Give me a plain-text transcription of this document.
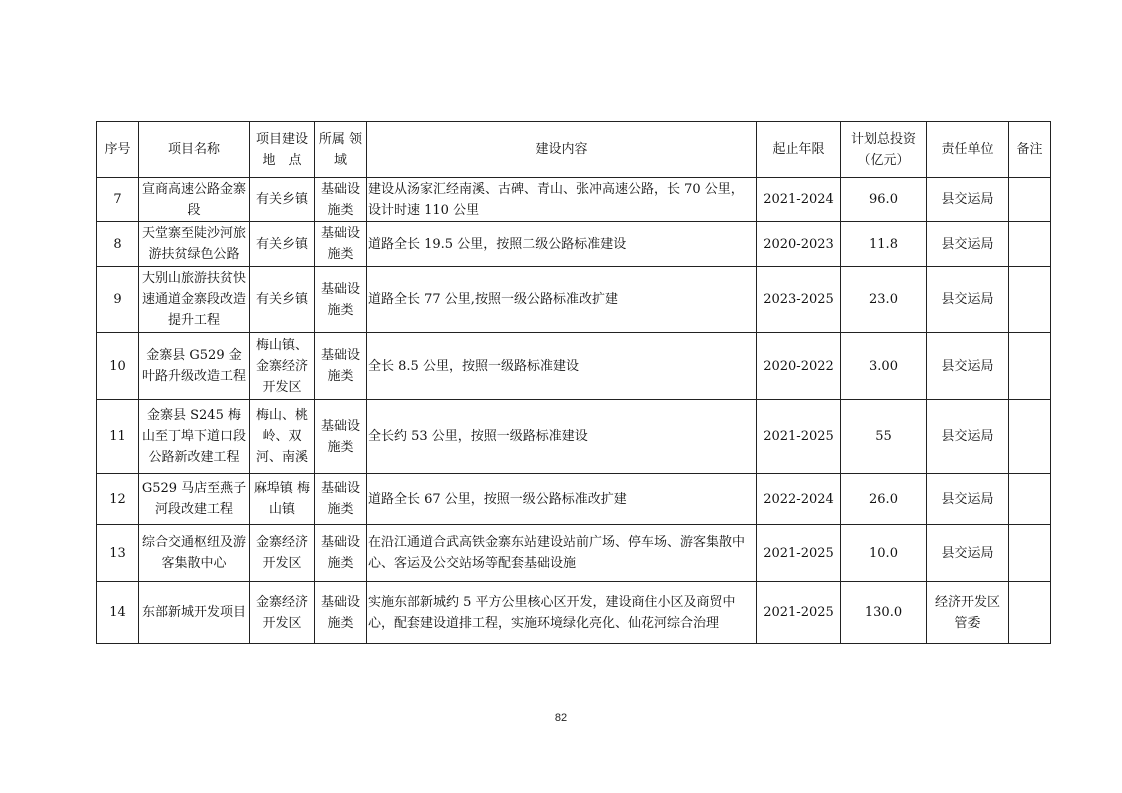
序号	项目名称	项目建设 地　点	所属 领域	建设内容	起止年限	计划总投资 （亿元）	责任单位	备注
7	宣商高速公路金寨段	有关乡镇	基础设施类	建设从汤家汇经南溪、古碑、青山、张冲高速公路，长 70 公里，设计时速 110 公里	2021-2024	96.0	县交运局	
8	天堂寨至陡沙河旅游扶贫绿色公路	有关乡镇	基础设施类	道路全长 19.5 公里，按照二级公路标准建设	2020-2023	11.8	县交运局	
9	大别山旅游扶贫快速通道金寨段改造提升工程	有关乡镇	基础设施类	道路全长 77 公里,按照一级公路标准改扩建	2023-2025	23.0	县交运局	
10	金寨县 G529 金叶路升级改造工程	梅山镇、金寨经济开发区	基础设施类	全长 8.5 公里，按照一级路标准建设	2020-2022	3.00	县交运局	
11	金寨县 S245 梅山至丁埠下道口段公路新改建工程	梅山、桃岭、双河、南溪	基础设施类	全长约 53 公里，按照一级路标准建设	2021-2025	55	县交运局	
12	G529 马店至燕子河段改建工程	麻埠镇 梅山镇	基础设施类	道路全长 67 公里，按照一级公路标准改扩建	2022-2024	26.0	县交运局	
13	综合交通枢纽及游客集散中心	金寨经济开发区	基础设施类	在沿江通道合武高铁金寨东站建设站前广场、停车场、游客集散中心、客运及公交站场等配套基础设施	2021-2025	10.0	县交运局	
14	东部新城开发项目	金寨经济开发区	基础设施类	实施东部新城约 5 平方公里核心区开发，建设商住小区及商贸中心，配套建设道排工程，实施环境绿化亮化、仙花河综合治理	2021-2025	130.0	经济开发区管委	
82
